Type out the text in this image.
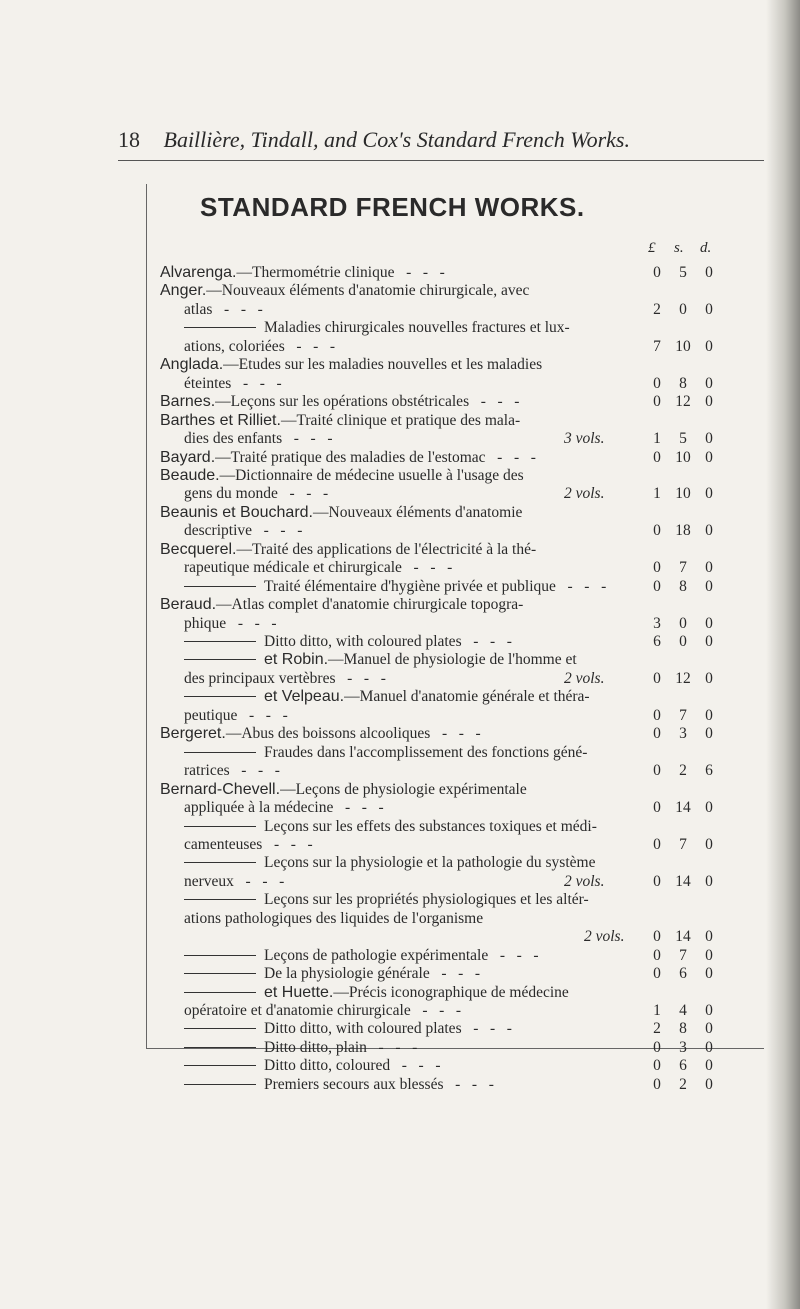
18 Baillière, Tindall, and Cox's Standard French Works.
STANDARD FRENCH WORKS.
£ s. d.
Alvarenga.—Thermométrie clinique   -   -   -	0	5	0
Anger.—Nouveaux éléments d'anatomie chirurgicale, avec
atlas   -   -   -	2	0	0
Maladies chirurgicales nouvelles fractures et lux-
ations, coloriées   -   -   -	7 10 0
Anglada.—Etudes sur les maladies nouvelles et les maladies
éteintes   -   -   -	0	8	0
Barnes.—Leçons sur les opérations obstétricales   -   -   -	0 12 0
Barthes et Rilliet.—Traité clinique et pratique des mala-
dies des enfants   -   -   -	3 vols.	1	5	0
Bayard.—Traité pratique des maladies de l'estomac   -   -   -	0 10 0
Beaude.—Dictionnaire de médecine usuelle à l'usage des
gens du monde   -   -   -	2 vols.	1 10 0
Beaunis et Bouchard.—Nouveaux éléments d'anatomie
descriptive   -   -   -	0 18 0
Becquerel.—Traité des applications de l'électricité à la thé-
rapeutique médicale et chirurgicale   -   -   -	0	7	0
Traité élémentaire d'hygiène privée et publique   -   -   -	0	8	0
Beraud.—Atlas complet d'anatomie chirurgicale topogra-
phique   -   -   -	3	0	0
Ditto ditto, with coloured plates   -   -   -	6	0	0
et Robin.—Manuel de physiologie de l'homme et
des principaux vertèbres   -   -   -	2 vols.	0 12 0
et Velpeau.—Manuel d'anatomie générale et théra-
peutique   -   -   -	0	7	0
Bergeret.—Abus des boissons alcooliques   -   -   -	0	3	0
Fraudes dans l'accomplissement des fonctions géné-
ratrices   -   -   -	0	2	6
Bernard-Chevell.—Leçons de physiologie expérimentale
appliquée à la médecine   -   -   -	0 14 0
Leçons sur les effets des substances toxiques et médi-
camenteuses   -   -   -	0	7	0
Leçons sur la physiologie et la pathologie du système
nerveux   -   -   -	2 vols.	0 14 0
Leçons sur les propriétés physiologiques et les altér-
ations pathologiques des liquides de l'organisme
2 vols.	0 14 0
Leçons de pathologie expérimentale   -   -   -	0	7	0
De la physiologie générale   -   -   -	0	6	0
et Huette.—Précis iconographique de médecine
opératoire et d'anatomie chirurgicale   -   -   -	1	4	0
Ditto ditto, with coloured plates   -   -   -	2	8	0
Ditto ditto, plain   -   -   -	0	3	0
Ditto ditto, coloured   -   -   -	0	6	0
Premiers secours aux blessés   -   -   -	0	2	0
